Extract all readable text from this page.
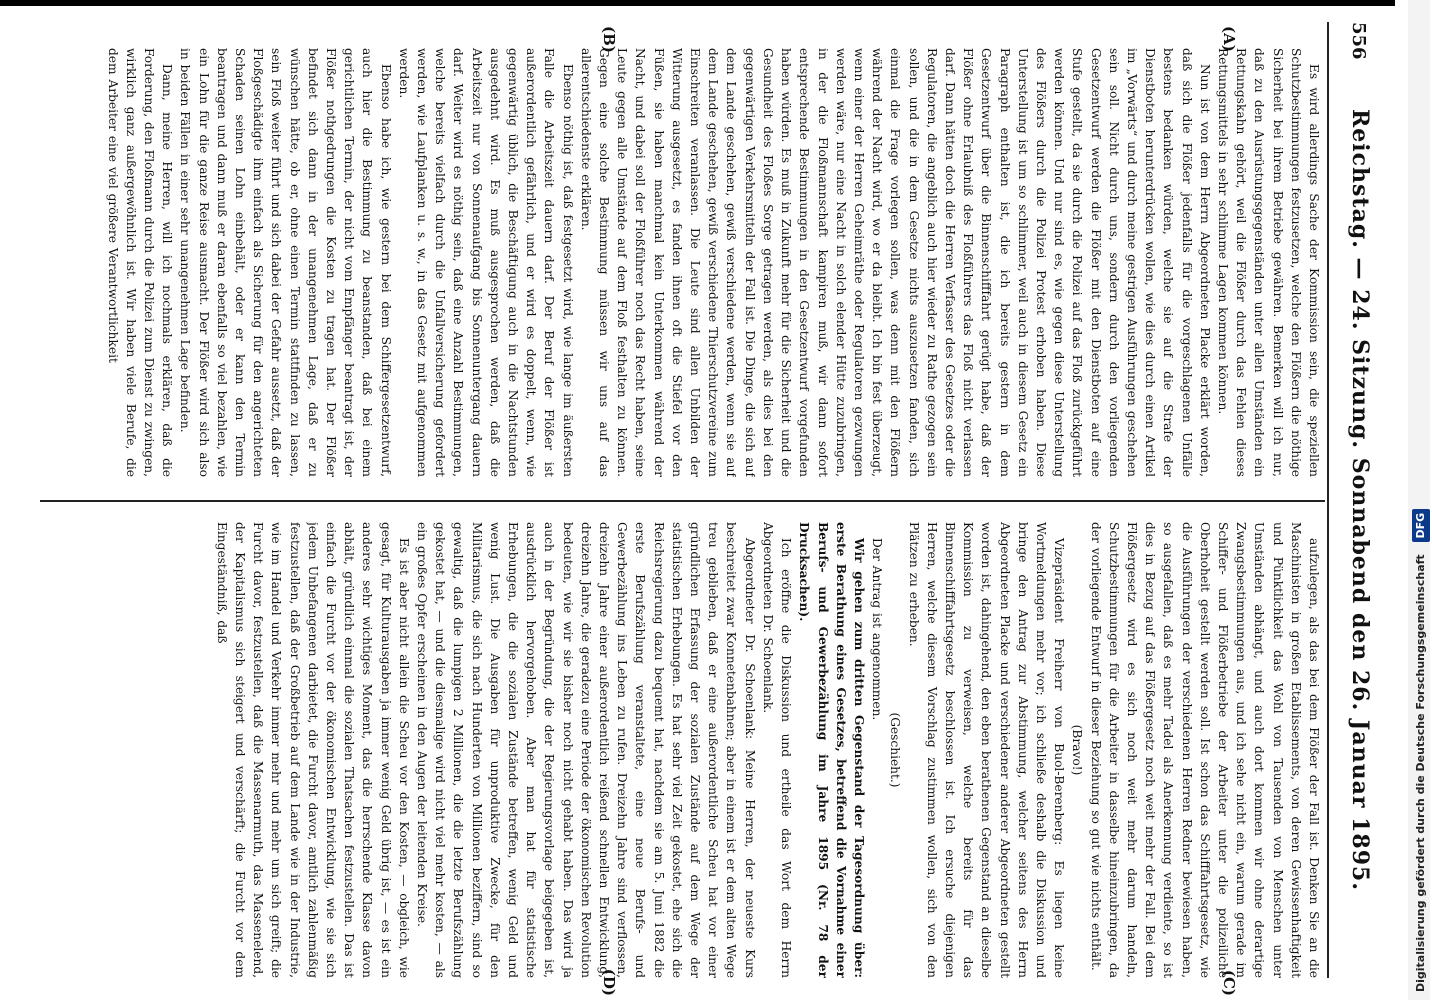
556
Reichstag. — 24. Sitzung. Sonnabend den 26. Januar 1895.
(A)
(B)
(C)
(D)

Es wird allerdings Sache der Kommission sein, die speziellen Schutzbestimmungen festzusetzen, welche den Flößern die nöthige Sicherheit bei ihrem Betriebe gewähren. Bemerken will ich nur, daß zu den Ausrüstungsgegenständen unter allen Umständen ein Rettungskahn gehört, weil die Flößer durch das Fehlen dieses Rettungsmittels in sehr schlimme Lagen kommen können.

Nun ist von dem Herrn Abgeordneten Placke erklärt worden, daß sich die Flößer jedenfalls für die vorgeschlagenen Unfälle bestens bedanken würden, welche sie auf die Strafe der Dienstboten herunterdrücken wollen, wie dies durch einen Artikel im „Vorwärts“ und durch meine gestrigen Ausführungen geschehen sein soll. Nicht durch uns, sondern durch den vorliegenden Gesetzentwurf werden die Flößer mit den Dienstboten auf eine Stufe gestellt, da sie durch die Polizei auf das Floß zurückgeführt werden können. Und nur sind es, wie gegen diese Unterstellung des Flößers durch die Polizei Protest erhoben haben. Diese Unterstellung ist um so schlimmer, weil auch in diesem Gesetz ein Paragraph enthalten ist, die ich bereits gestern in dem Gesetzentwurf über die Binnenschifffahrt gerügt habe, daß der Flößer ohne Erlaubniß des Floßführers das Floß nicht verlassen darf. Dann hätten doch die Herren Verfasser des Gesetzes oder die Regulatoren, die angeblich auch hier wieder zu Rathe gezogen sein sollen, und die in dem Gesetze nichts auszusetzen fanden, sich einmal die Frage vorlegen sollen, was denn mit den Flößern während der Nacht wird, wo er da bleibt. Ich bin fest überzeugt, wenn einer der Herren Geheimräthe oder Regulatoren gezwungen werden wäre, nur eine Nacht in solch elender Hütte zuzubringen, in der die Floßmannschaft kampiren muß, wir dann sofort entsprechende Bestimmungen in den Gesetzentwurf vorgefunden haben würden. Es muß in Zukunft mehr für die Sicherheit und die Gesundheit des Floßes Sorge getragen werden, als dies bei den gegenwärtigen Verkehrsmitteln der Fall ist. Die Dinge, die sich auf dem Lande geschehen, gewiß verschiedene werden, wenn sie auf dem Lande geschehen, gewiß verschiedene Thierschutzvereine zum Einschreiten veranlassen. Die Leute sind allen Unbilden der Witterung ausgesetzt, es fanden ihnen oft die Stiefel vor den Füßen, sie haben manchmal kein Unterkommen während der Nacht, und dabei soll der Floßführer noch das Recht haben, seine Leute gegen alle Umstände auf dem Floß festhalten zu können. Gegen eine solche Bestimmung müssen wir uns auf das allerentschiedenste erklären.

Ebenso nöthig ist, daß festgesetzt wird, wie lange im äußersten Falle die Arbeitszeit dauern darf. Der Beruf der Flößer ist außerordentlich gefährlich, und er wird es doppelt, wenn, wie gegenwärtig üblich, die Beschäftigung auch in die Nachtstunden ausgedehnt wird. Es muß ausgesprochen werden, daß die Arbeitszeit nur von Sonnenaufgang bis Sonnenuntergang dauern darf. Weiter wird es nöthig sein, daß eine Anzahl Bestimmungen, welche bereits vielfach durch die Unfallversicherung gefordert werden, wie Laufplanken u. s. w., in das Gesetz mit aufgenommen werden.

Ebenso habe ich, wie gestern bei dem Schiffergesetzentwurf, auch hier die Bestimmung zu beanstanden, daß bei einem gerichtlichen Termin, der nicht vom Empfänger beantragt ist, der Flößer nothgedrungen die Kosten zu tragen hat. Der Flößer befindet sich dann in der unangenehmen Lage, daß er zu wünschen hätte, ob er, ohne einen Termin stattfinden zu lassen, sein Floß weiter führt und sich dabei der Gefahr aussetzt, daß der Floßgeschädigte ihm einfach als Sicherung für den angerichteten Schaden seinen Lohn einbehält, oder er kann den Termin beantragen und dann muß er daran ebenfalls so viel bezahlen, wie ein Lohn für die ganze Reise ausmacht. Der Flößer wird sich also in beiden Fällen in einer sehr unangenehmen Lage befinden.

Dann, meine Herren, will ich nochmals erklären, daß die Forderung, den Floßmann durch die Polizei zum Dienst zu zwingen, wirklich ganz außergewöhnlich ist. Wir haben viele Berufe, die dem Arbeiter eine viel größere Verantwortlichkeit

aufzulegen, als das bei dem Flößer der Fall ist. Denken Sie an die Maschinisten in großen Etablissements, von deren Gewissenhaftigkeit und Pünktlichkeit das Wohl von Tausenden von Menschen unter Umständen abhängt, und auch dort kommen wir ohne derartige Zwangsbestimmungen aus, und ich sehe nicht ein, warum gerade im Schiffer- und Flößerbetriebe der Arbeiter unter die polizeiliche Oberhoheit gestellt werden soll. Ist schon das Schifffahrtsgesetz, wie die Ausführungen der verschiedenen Herren Redner bewiesen haben, so ausgefallen, daß es mehr Tadel als Anerkennung verdiente, so ist dies in Bezug auf das Flößergesetz noch weit mehr der Fall. Bei dem Flößergesetz wird es sich noch weit mehr darum handeln, Schutzbestimmungen für die Arbeiter in dasselbe hineinzubringen, da der vorliegende Entwurf in dieser Beziehung so gut wie nichts enthält.

(Bravo!)

Vizepräsident Freiherr von Buol-Berenberg: Es liegen keine Wortmeldungen mehr vor; ich schließe deshalb die Diskussion und bringe den Antrag zur Abstimmung, welcher seitens des Herrn Abgeordneten Placke und verschiedener anderer Abgeordneten gestellt worden ist, dahingehend, den eben berathenen Gegenstand an dieselbe Kommission zu verweisen, welche bereits für das Binnenschifffahrtsgesetz beschlossen ist. Ich ersuche diejenigen Herren, welche diesem Vorschlag zustimmen wollen, sich von den Plätzen zu erheben.

(Geschieht.)

Der Antrag ist angenommen.

Wir gehen zum dritten Gegenstand der Tagesordnung über: erste Berathung eines Gesetzes, betreffend die Vornahme einer Berufs- und Gewerbezählung im Jahre 1895 (Nr. 78 der Drucksachen).

Ich eröffne die Diskussion und ertheile das Wort dem Herrn Abgeordneten Dr. Schoenlank.

Abgeordneter Dr. Schoenlank: Meine Herren, der neueste Kurs beschreitet zwar Konnetenbahnen; aber in einem ist er dem alten Wege treu geblieben, daß er eine außerordentliche Scheu hat vor einer gründlichen Erfassung der sozialen Zustände auf dem Wege der statistischen Erhebungen. Es hat sehr viel Zeit gekostet, ehe sich die Reichsregierung dazu bequemt hat, nachdem sie am 5. Juni 1882 die erste Berufszählung veranstaltete, eine neue Berufs- und Gewerbezählung ins Leben zu rufen. Dreizehn Jahre sind verflossen, dreizehn Jahre einer außerordentlich reißend schnellen Entwicklung, dreizehn Jahre, die geradezu eine Periode der ökonomischen Revolution bedeuten, wie wir sie bisher noch nicht gehabt haben. Das wird ja auch in der Begründung, die der Regierungsvorlage beigegeben ist, ausdrücklich hervorgehoben. Aber man hat für statistische Erhebungen, die die sozialen Zustände betreffen, wenig Geld und wenig Lust. Die Ausgaben für unproduktive Zwecke, für den Militarismus, die sich nach Hunderten von Millionen beziffern, sind so gewaltig, daß die lumpigen 2 Millionen, die die letzte Berufszählung gekostet hat, — und die diesmalige wird nicht viel mehr kosten, — als ein großes Opfer erscheinen in den Augen der leitenden Kreise.

Es ist aber nicht allein die Scheu vor den Kosten, — obgleich, wie gesagt, für Kulturausgaben ja immer wenig Geld übrig ist, — es ist ein anderes sehr wichtiges Moment, das die herrschende Klasse davon abhält, gründlich einmal die sozialen Thatsachen festzustellen. Das ist einfach die Furcht vor der ökonomischen Entwicklung, wie sie sich jedem Unbefangenen darbietet, die Furcht davor, amtlich zahlenmäßig festzustellen, daß der Großbetrieb auf dem Lande wie in der Industrie, wie im Handel und Verkehr immer mehr und mehr um sich greift; die Furcht davor, festzustellen, daß die Massenarmuth, das Massenelend, der Kapitalismus sich steigert und verschärft; die Furcht vor dem Eingeständniß, daß	Digitalisierung gefördert durch die Deutsche Forschungsgemeinschaft DFG
